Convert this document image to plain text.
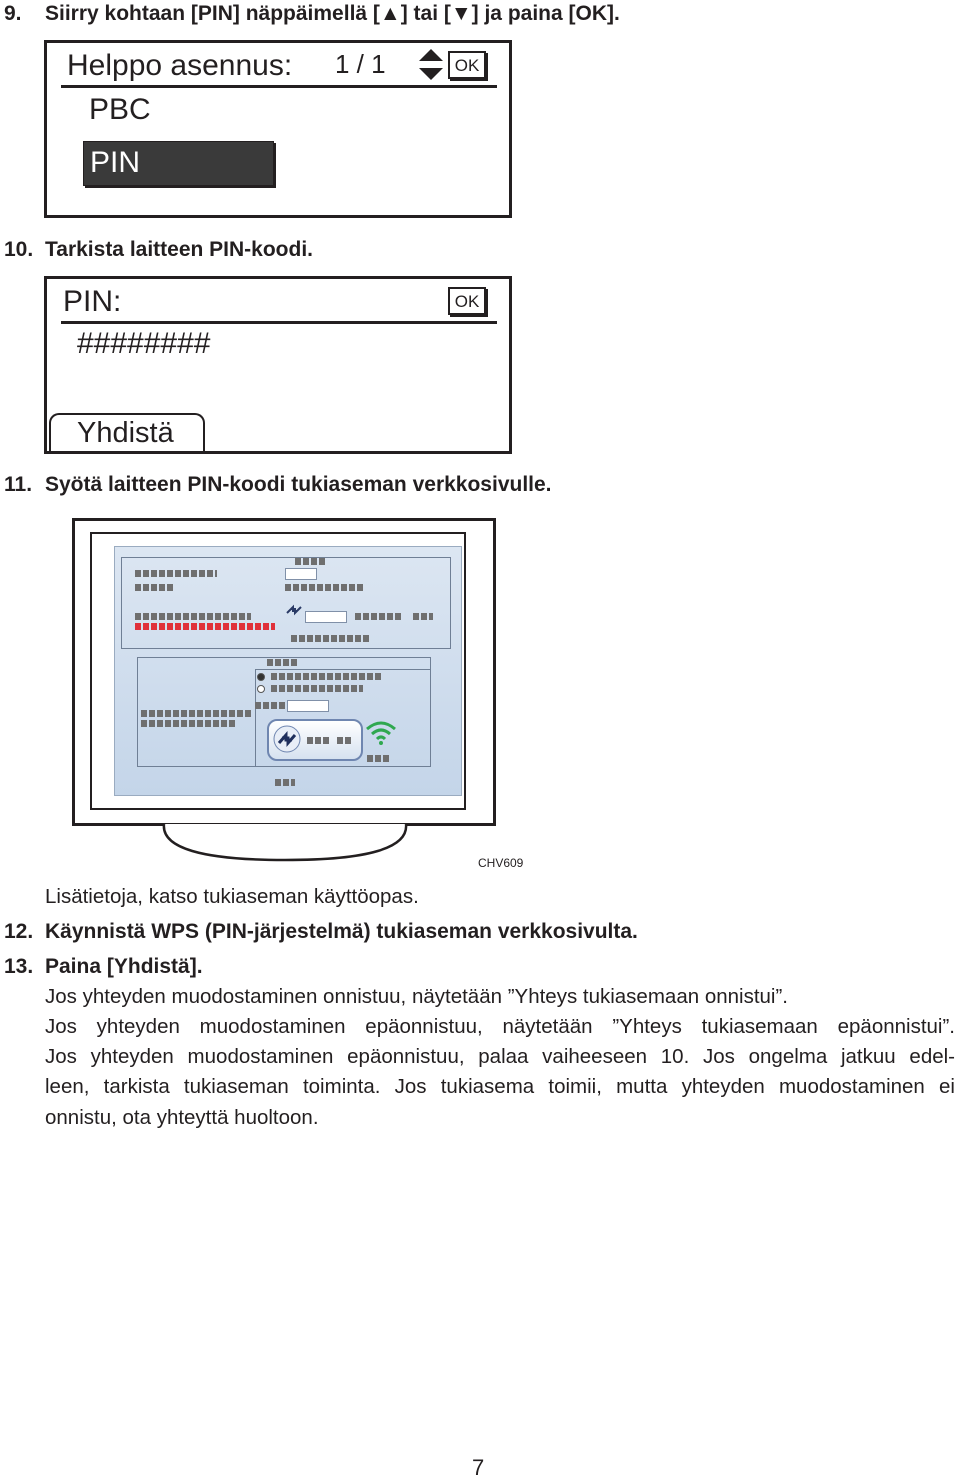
9. Siirry kohtaan [PIN] näppäimellä [▲] tai [▼] ja paina [OK].
Helppo asennus: 1 / 1	OK
PBC
PIN
10. Tarkista laitteen PIN-koodi.
PIN:	OK
########
Yhdistä
11. Syötä laitteen PIN-koodi tukiaseman verkkosivulle.
CHV609
Lisätietoja, katso tukiaseman käyttöopas.
12. Käynnistä WPS (PIN-järjestelmä) tukiaseman verkkosivulta.
13. Paina [Yhdistä].
Jos yhteyden muodostaminen onnistuu, näytetään ”Yhteys tukiasemaan onnistui”.
Jos yhteyden muodostaminen epäonnistuu, näytetään ”Yhteys tukiasemaan epäonnistui”.
Jos yhteyden muodostaminen epäonnistuu, palaa vaiheeseen 10. Jos ongelma jatkuu edel-
leen, tarkista tukiaseman toiminta. Jos tukiasema toimii, mutta yhteyden muodostaminen ei
onnistu, ota yhteyttä huoltoon.
7
